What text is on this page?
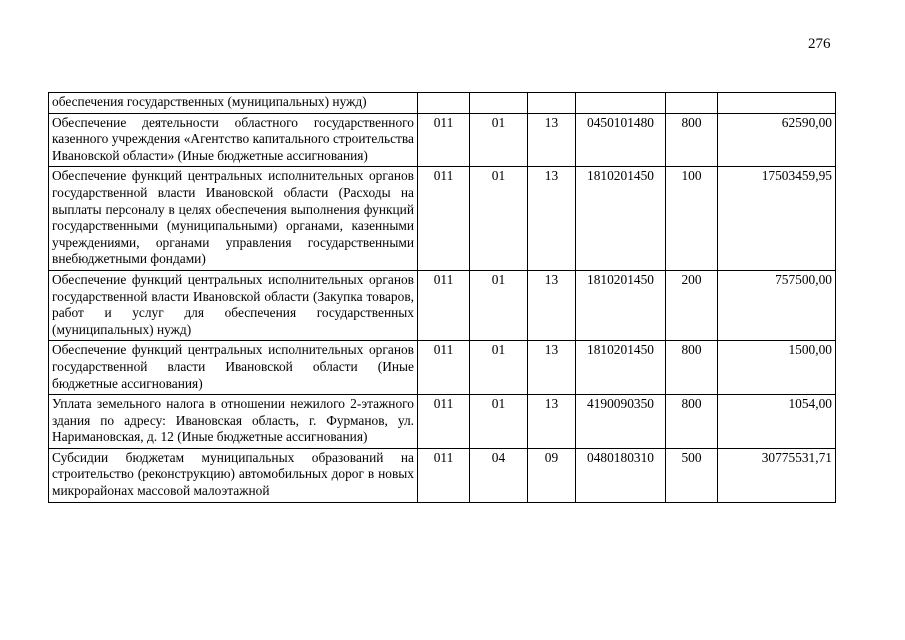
276
обеспечения государственных (муниципальных) нужд)						
Обеспечение деятельности областного государственного казенного учреждения «Агентство капитального строительства Ивановской области» (Иные бюджетные ассигнования)	011	01	13	0450101480	800	62590,00
Обеспечение функций центральных исполнительных органов государственной власти Ивановской области (Расходы на выплаты персоналу в целях обеспечения выполнения функций государственными (муниципальными) органами, казенными учреждениями, органами управления государственными внебюджетными фондами)	011	01	13	1810201450	100	17503459,95
Обеспечение функций центральных исполнительных органов государственной власти Ивановской области (Закупка товаров, работ и услуг для обеспечения государственных (муниципальных) нужд)	011	01	13	1810201450	200	757500,00
Обеспечение функций центральных исполнительных органов государственной власти Ивановской области (Иные бюджетные ассигнования)	011	01	13	1810201450	800	1500,00
Уплата земельного налога в отношении нежилого 2-этажного здания по адресу: Ивановская область, г. Фурманов, ул. Наримановская, д. 12 (Иные бюджетные ассигнования)	011	01	13	4190090350	800	1054,00
Субсидии бюджетам муниципальных образований на строительство (реконструкцию) автомобильных дорог в новых микрорайонах массовой малоэтажной	011	04	09	0480180310	500	30775531,71
